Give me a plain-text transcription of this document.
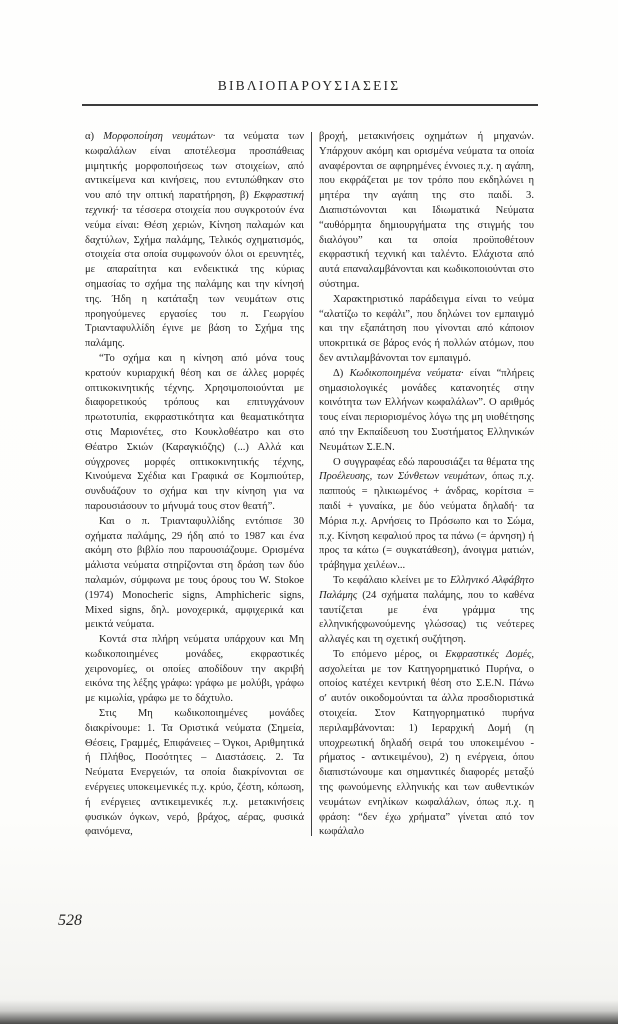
ΒΙΒΛΙΟΠΑΡΟΥΣΙΑΣΕΙΣ

α) Μορφοποίηση νευμάτων· τα νεύματα των κωφαλάλων είναι αποτέλεσμα προσπάθειας μιμητικής μορφοποιήσεως των στοιχείων, από αντικείμενα και κινήσεις, που εντυπώθηκαν στο νου από την οπτική παρατήρηση, β) Εκφραστική τεχνική· τα τέσσερα στοιχεία που συγκροτούν ένα νεύμα είναι: Θέση χεριών, Κίνηση παλαμών και δαχτύλων, Σχήμα παλάμης, Τελικός σχηματισμός, στοιχεία στα οποία συμφωνούν όλοι οι ερευνητές, με απαραίτητα και ενδεικτικά της κύριας σημασίας το σχήμα της παλάμης και την κίνησή της. Ήδη η κατάταξη των νευμάτων στις προηγούμενες εργασίες του π. Γεωργίου Τριανταφυλλίδη έγινε με βάση το Σχήμα της παλάμης.

“Το σχήμα και η κίνηση από μόνα τους κρατούν κυριαρχική θέση και σε άλλες μορφές οπτικοκινητικής τέχνης. Χρησιμοποιούνται με διαφορετικούς τρόπους και επιτυγχάνουν πρωτοτυπία, εκφραστικότητα και θεαματικότητα στις Μαριονέτες, στο Κουκλοθέατρο και στο Θέατρο Σκιών (Καραγκιόζης) (...) Αλλά και σύγχρονες μορφές οπτικοκινητικής τέχνης, Κινούμενα Σχέδια και Γραφικά σε Κομπιούτερ, συνδυάζουν το σχήμα και την κίνηση για να παρουσιάσουν το μήνυμά τους στον θεατή”.

Και ο π. Τριανταφυλλίδης εντόπισε 30 σχήματα παλάμης, 29 ήδη από το 1987 και ένα ακόμη στο βιβλίο που παρουσιάζουμε. Ορισμένα μάλιστα νεύματα στηρίζονται στη δράση των δύο παλαμών, σύμφωνα με τους όρους του W. Stokoe (1974) Monocheric signs, Amphicheric signs, Mixed signs, δηλ. μονοχερικά, αμφιχερικά και μεικτά νεύματα.

Κοντά στα πλήρη νεύματα υπάρχουν και Μη κωδικοποιημένες μονάδες, εκφραστικές χειρονομίες, οι οποίες αποδίδουν την ακριβή εικόνα της λέξης γράφω: γράφω με μολύβι, γράφω με κιμωλία, γράφω με το δάχτυλο.

Στις Μη κωδικοποιημένες μονάδες διακρίνουμε: 1. Τα Οριστικά νεύματα (Σημεία, Θέσεις, Γραμμές, Επιφάνειες – Όγκοι, Αριθμητικά ή Πλήθος, Ποσότητες – Διαστάσεις. 2. Τα Νεύματα Ενεργειών, τα οποία διακρίνονται σε ενέργειες υποκειμενικές π.χ. κρύο, ζέστη, κόπωση, ή ενέργειες αντικειμενικές π.χ. μετακινήσεις φυσικών όγκων, νερό, βράχος, αέρας, φυσικά φαινόμενα,

βροχή, μετακινήσεις οχημάτων ή μηχανών. Υπάρχουν ακόμη και ορισμένα νεύματα τα οποία αναφέρονται σε αφηρημένες έννοιες π.χ. η αγάπη, που εκφράζεται με τον τρόπο που εκδηλώνει η μητέρα την αγάπη της στο παιδί. 3. Διαπιστώνονται και Ιδιωματικά Νεύματα “αυθόρμητα δημιουργήματα της στιγμής του διαλόγου” και τα οποία προϋποθέτουν εκφραστική τεχνική και ταλέντο. Ελάχιστα από αυτά επαναλαμβάνονται και κωδικοποιούνται στο σύστημα.

Χαρακτηριστικό παράδειγμα είναι το νεύμα “αλατίζω το κεφάλι”, που δηλώνει τον εμπαιγμό και την εξαπάτηση που γίνονται από κάποιον υποκριτικά σε βάρος ενός ή πολλών ατόμων, που δεν αντιλαμβάνονται τον εμπαιγμό.

Δ) Κωδικοποιημένα νεύματα· είναι “πλήρεις σημασιολογικές μονάδες κατανοητές στην κοινότητα των Ελλήνων κωφαλάλων”. Ο αριθμός τους είναι περιορισμένος λόγω της μη υιοθέτησης από την Εκπαίδευση του Συστήματος Ελληνικών Νευμάτων Σ.Ε.Ν.

Ο συγγραφέας εδώ παρουσιάζει τα θέματα της Προέλευσης, των Σύνθετων νευμάτων, όπως π.χ. παππούς = ηλικιωμένος + άνδρας, κορίτσια = παιδί + γυναίκα, με δύο νεύματα δηλαδή· τα Μόρια π.χ. Αρνήσεις το Πρόσωπο και το Σώμα, π.χ. Κίνηση κεφαλιού προς τα πάνω (= άρνηση) ή προς τα κάτω (= συγκατάθεση), άνοιγμα ματιών, τράβηγμα χειλέων...

Το κεφάλαιο κλείνει με το Ελληνικό Αλφάβητο Παλάμης (24 σχήματα παλάμης, που το καθένα ταυτίζεται με ένα γράμμα της ελληνικήςφωνούμενης γλώσσας) τις νεότερες αλλαγές και τη σχετική συζήτηση.

Το επόμενο μέρος, οι Εκφραστικές Δομές, ασχολείται με τον Κατηγορηματικό Πυρήνα, ο οποίος κατέχει κεντρική θέση στο Σ.Ε.Ν. Πάνω σ' αυτόν οικοδομούνται τα άλλα προσδιοριστικά στοιχεία. Στον Κατηγορηματικό πυρήνα περιλαμβάνονται: 1) Ιεραρχική Δομή (η υποχρεωτική δηλαδή σειρά του υποκειμένου - ρήματος - αντικειμένου), 2) η ενέργεια, όπου διαπιστώνουμε και σημαντικές διαφορές μεταξύ της φωνούμενης ελληνικής και των αυθεντικών νευμάτων ενηλίκων κωφαλάλων, όπως π.χ. η φράση: “δεν έχω χρήματα” γίνεται από τον κωφάλαλο

528
